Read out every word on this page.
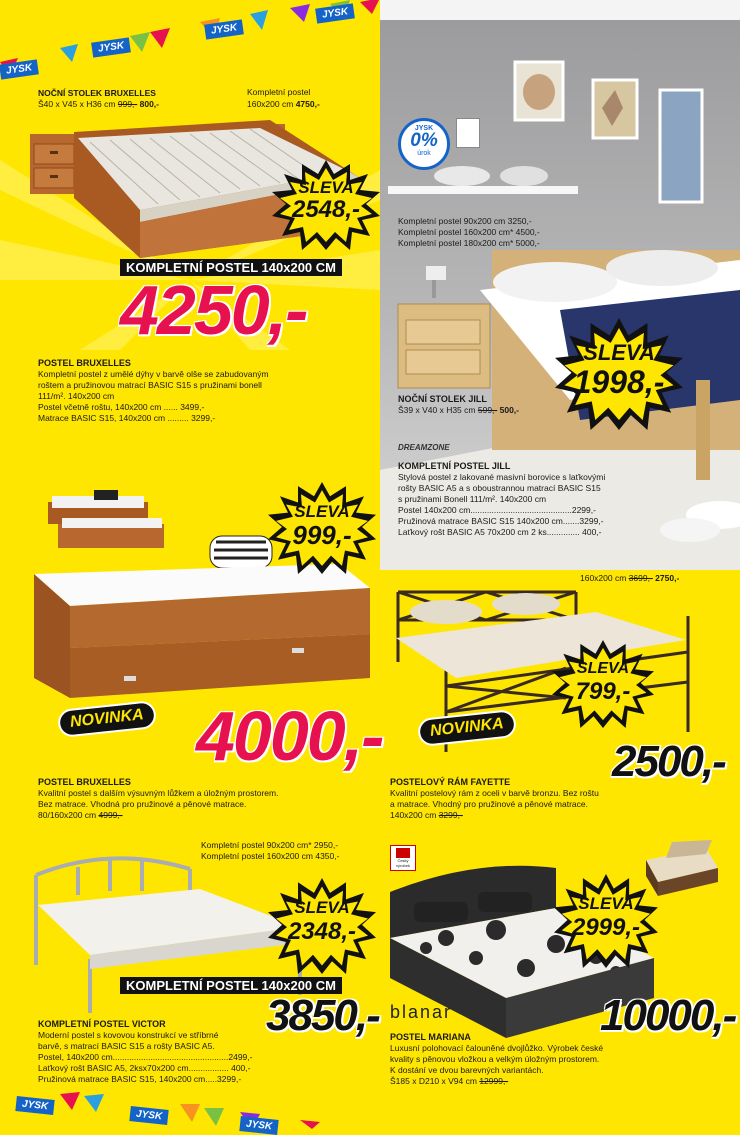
JYSK
JYSK
JYSK
JYSK
NOČNÍ STOLEK BRUXELLES
Š40 x V45 x H36 cm 999,- 800,-
Kompletní postel
160x200 cm 4750,-
SLEVA
2548,-
KOMPLETNÍ POSTEL 140x200 CM
4250,-
POSTEL BRUXELLES
Kompletní postel z umělé dýhy v barvě olše se zabudovaným
roštem a pružinovou matrací BASIC S15 s pružinami bonell
111/m². 140x200 cm
Postel včetně roštu, 140x200 cm ...... 3499,-
Matrace BASIC S15, 140x200 cm ......... 3299,-
JYSK
0%
úrok
Kompletní postel 90x200 cm 3250,-
Kompletní postel 160x200 cm* 4500,-
Kompletní postel 180x200 cm* 5000,-
SLEVA
1998,-
NOČNÍ STOLEK JILL
Š39 x V40 x H35 cm 599,- 500,-
DREAMZONE
KOMPLETNÍ POSTEL JILL
Stylová postel z lakované masivní borovice s laťkovými
rošty BASIC A5 a s oboustrannou matrací BASIC S15
s pružinami Bonell 111/m². 140x200 cm
Postel 140x200 cm...........................................2299,-
Pružinová matrace BASIC S15 140x200 cm.......3299,-
Laťkový rošt BASIC A5 70x200 cm 2 ks.............. 400,-
SLEVA
999,-
NOVINKA 4000,-
POSTEL BRUXELLES
Kvalitní postel s dalším výsuvným lůžkem a úložným prostorem.
Bez matrace. Vhodná pro pružinové a pěnové matrace.
80/160x200 cm 4999,-
160x200 cm 3699,- 2750,-
SLEVA
799,-
NOVINKA
2500,-
POSTELOVÝ RÁM FAYETTE
Kvalitní postelový rám z oceli v barvě bronzu. Bez roštu
a matrace. Vhodný pro pružinové a pěnové matrace.
140x200 cm 3299,-
Kompletní postel 90x200 cm* 2950,-
Kompletní postel 160x200 cm 4350,-
SLEVA
2348,-
KOMPLETNÍ POSTEL 140x200 CM
3850,-
KOMPLETNÍ POSTEL VICTOR
Moderní postel s kovovou konstrukcí ve stříbrné
barvě, s matrací BASIC S15 a rošty BASIC A5.
Postel, 140x200 cm.................................................2499,-
Laťkový rošt BASIC A5, 2ksx70x200 cm................. 400,-
Pružinová matrace BASIC S15, 140x200 cm.....3299,-
Český výrobek
SLEVA
2999,-
10000,-
blanar
POSTEL MARIANA
Luxusní polohovací čalouněné dvojlůžko. Výrobek české
kvality s pěnovou vložkou a velkým úložným prostorem.
K dostání ve dvou barevných variantách.
Š185 x D210 x V94 cm 12999,-
JYSK
JYSK
JYSK
